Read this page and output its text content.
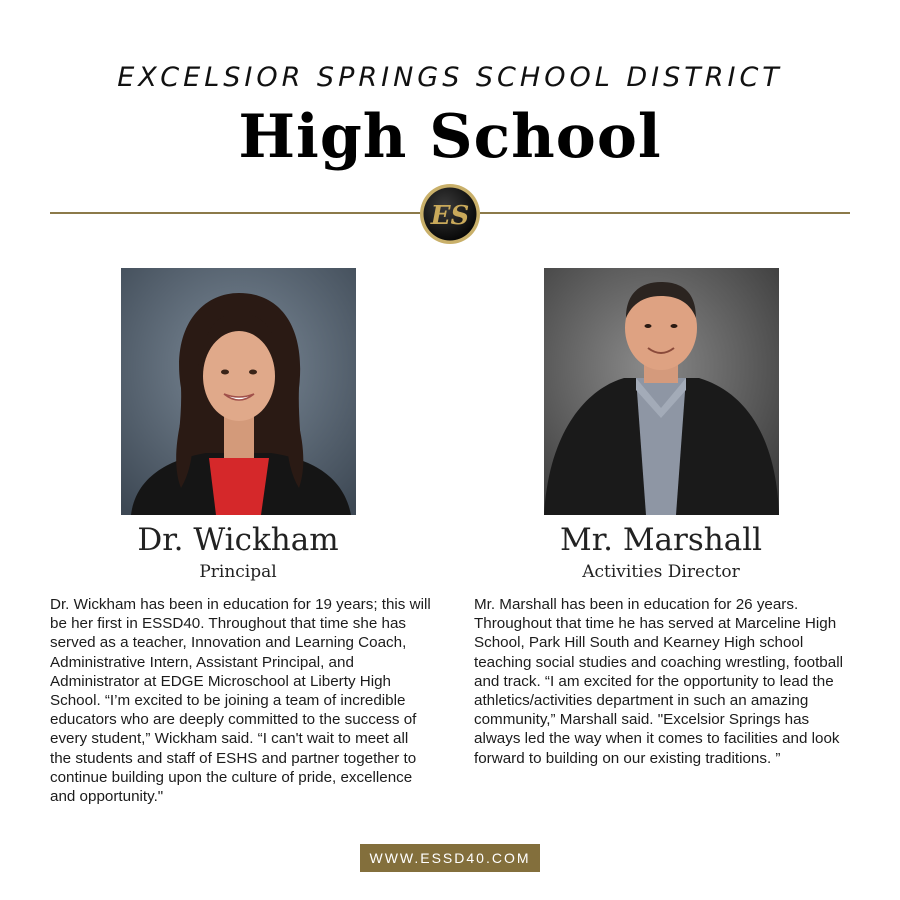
EXCELSIOR SPRINGS SCHOOL DISTRICT
High School
ES
Dr. Wickham
Principal
Dr. Wickham has been in education for 19 years; this will be her first in ESSD40. Throughout that time she has served as a teacher, Innovation and Learning Coach, Administrative Intern, Assistant Principal, and Administrator at EDGE Microschool at Liberty High School. “I’m excited to be joining a team of incredible educators who are deeply committed to the success of every student,” Wickham said. “I can't wait to meet all the students and staff of ESHS and partner together to continue building upon the culture of pride, excellence and opportunity."
Mr. Marshall
Activities Director
Mr. Marshall has been in education for 26 years. Throughout that time he has served at Marceline High School, Park Hill South and Kearney High school teaching social studies and coaching wrestling, football and track. “I am excited for the opportunity to lead the athletics/activities department in such an amazing community,” Marshall said. "Excelsior Springs has always led the way when it comes to facilities and look forward to building on our existing traditions. ”
WWW.ESSD40.COM
